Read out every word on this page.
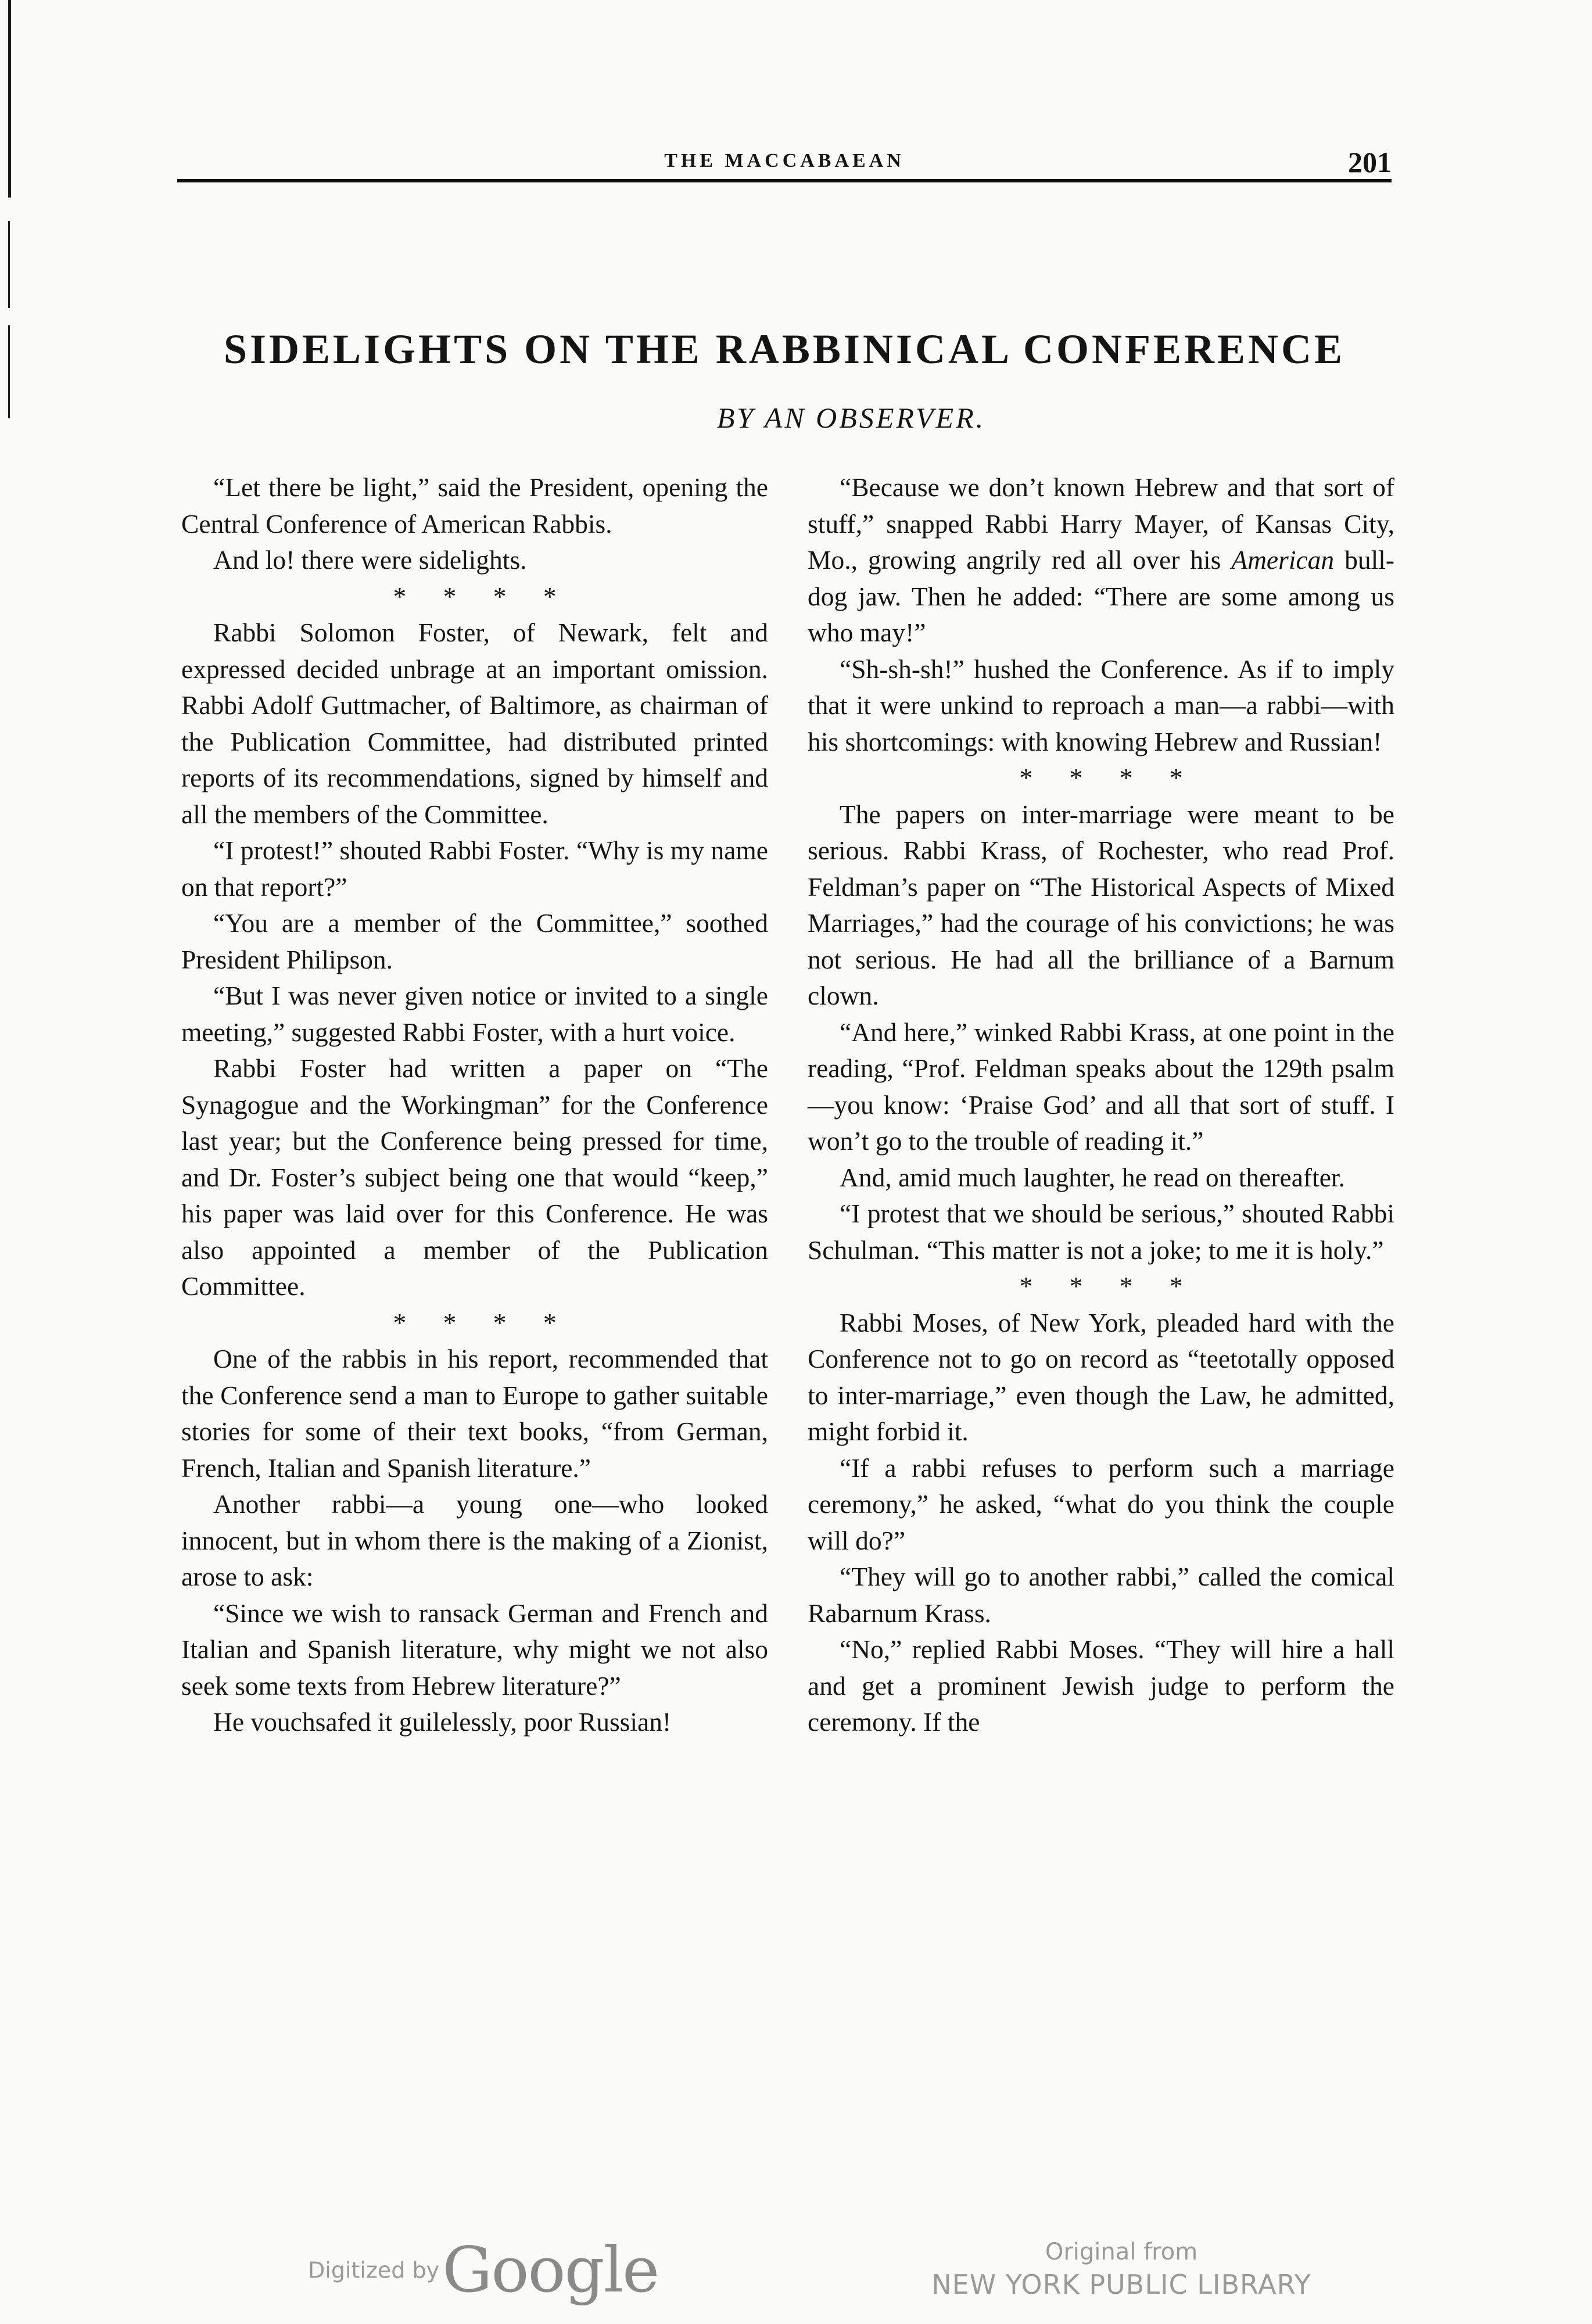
THE MACCABAEAN	201
SIDELIGHTS ON THE RABBINICAL CONFERENCE
BY AN OBSERVER.

“Let there be light,” said the President, opening the Central Conference of American Rabbis.

And lo! there were sidelights.

* * * *

Rabbi Solomon Foster, of Newark, felt and expressed decided unbrage at an important omission. Rabbi Adolf Guttmacher, of Baltimore, as chairman of the Publication Committee, had distributed printed reports of its recommendations, signed by himself and all the members of the Committee.

“I protest!” shouted Rabbi Foster. “Why is my name on that report?”

“You are a member of the Committee,” soothed President Philipson.

“But I was never given notice or invited to a single meeting,” suggested Rabbi Foster, with a hurt voice.

Rabbi Foster had written a paper on “The Synagogue and the Workingman” for the Conference last year; but the Conference being pressed for time, and Dr. Foster’s subject being one that would “keep,” his paper was laid over for this Conference. He was also appointed a member of the Publication Committee.

* * * *

One of the rabbis in his report, recommended that the Conference send a man to Europe to gather suitable stories for some of their text books, “from German, French, Italian and Spanish literature.”

Another rabbi—a young one—who looked innocent, but in whom there is the making of a Zionist, arose to ask:

“Since we wish to ransack German and French and Italian and Spanish literature, why might we not also seek some texts from Hebrew literature?”

He vouchsafed it guilelessly, poor Russian!

“Because we don’t known Hebrew and that sort of stuff,” snapped Rabbi Harry Mayer, of Kansas City, Mo., growing angrily red all over his American bull-dog jaw. Then he added: “There are some among us who may!”

“Sh-sh-sh!” hushed the Conference. As if to imply that it were unkind to reproach a man—a rabbi—with his shortcomings: with knowing Hebrew and Russian!

* * * *

The papers on inter-marriage were meant to be serious. Rabbi Krass, of Rochester, who read Prof. Feldman’s paper on “The Historical Aspects of Mixed Marriages,” had the courage of his convictions; he was not serious. He had all the brilliance of a Barnum clown.

“And here,” winked Rabbi Krass, at one point in the reading, “Prof. Feldman speaks about the 129th psalm—you know: ‘Praise God’ and all that sort of stuff. I won’t go to the trouble of reading it.”

And, amid much laughter, he read on thereafter.

“I protest that we should be serious,” shouted Rabbi Schulman. “This matter is not a joke; to me it is holy.”

* * * *

Rabbi Moses, of New York, pleaded hard with the Conference not to go on record as “teetotally opposed to inter-marriage,” even though the Law, he admitted, might forbid it.

“If a rabbi refuses to perform such a marriage ceremony,” he asked, “what do you think the couple will do?”

“They will go to another rabbi,” called the comical Rabarnum Krass.

“No,” replied Rabbi Moses. “They will hire a hall and get a prominent Jewish judge to perform the ceremony. If the

Digitized by Google	Original from
NEW YORK PUBLIC LIBRARY
